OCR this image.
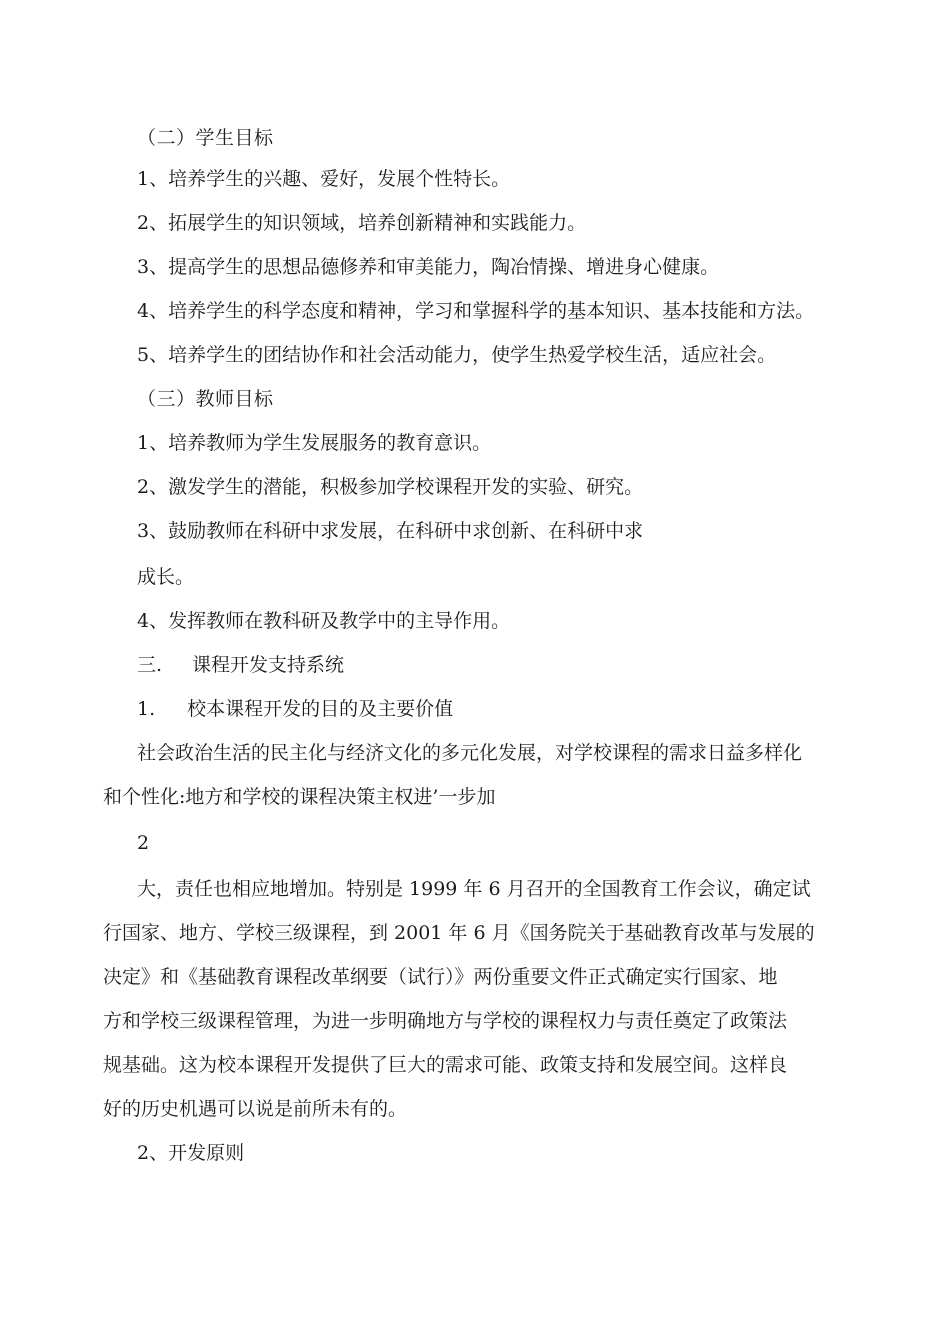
（二）学生目标
1、培养学生的兴趣、爱好，发展个性特长。
2、拓展学生的知识领域，培养创新精神和实践能力。
3、提高学生的思想品德修养和审美能力，陶冶情操、增进身心健康。
4、培养学生的科学态度和精神，学习和掌握科学的基本知识、基本技能和方法。
5、培养学生的团结协作和社会活动能力，使学生热爱学校生活，适应社会。
（三）教师目标
1、培养教师为学生发展服务的教育意识。
2、激发学生的潜能，积极参加学校课程开发的实验、研究。
3、鼓励教师在科研中求发展，在科研中求创新、在科研中求
成长。
4、发挥教师在教科研及教学中的主导作用。
三. 课程开发支持系统
1. 校本课程开发的目的及主要价值
社会政治生活的民主化与经济文化的多元化发展，对学校课程的需求日益多样化
和个性化:地方和学校的课程决策主权进’一步加
2
大，责任也相应地增加。特别是 1999 年 6 月召开的全国教育工作会议，确定试
行国家、地方、学校三级课程，到 2001 年 6 月《国务院关于基础教育改革与发展的
决定》和《基础教育课程改革纲要（试行）》两份重要文件正式确定实行国家、地
方和学校三级课程管理，为进一步明确地方与学校的课程权力与责任奠定了政策法
规基础。这为校本课程开发提供了巨大的需求可能、政策支持和发展空间。这样良
好的历史机遇可以说是前所未有的。
2、开发原则
